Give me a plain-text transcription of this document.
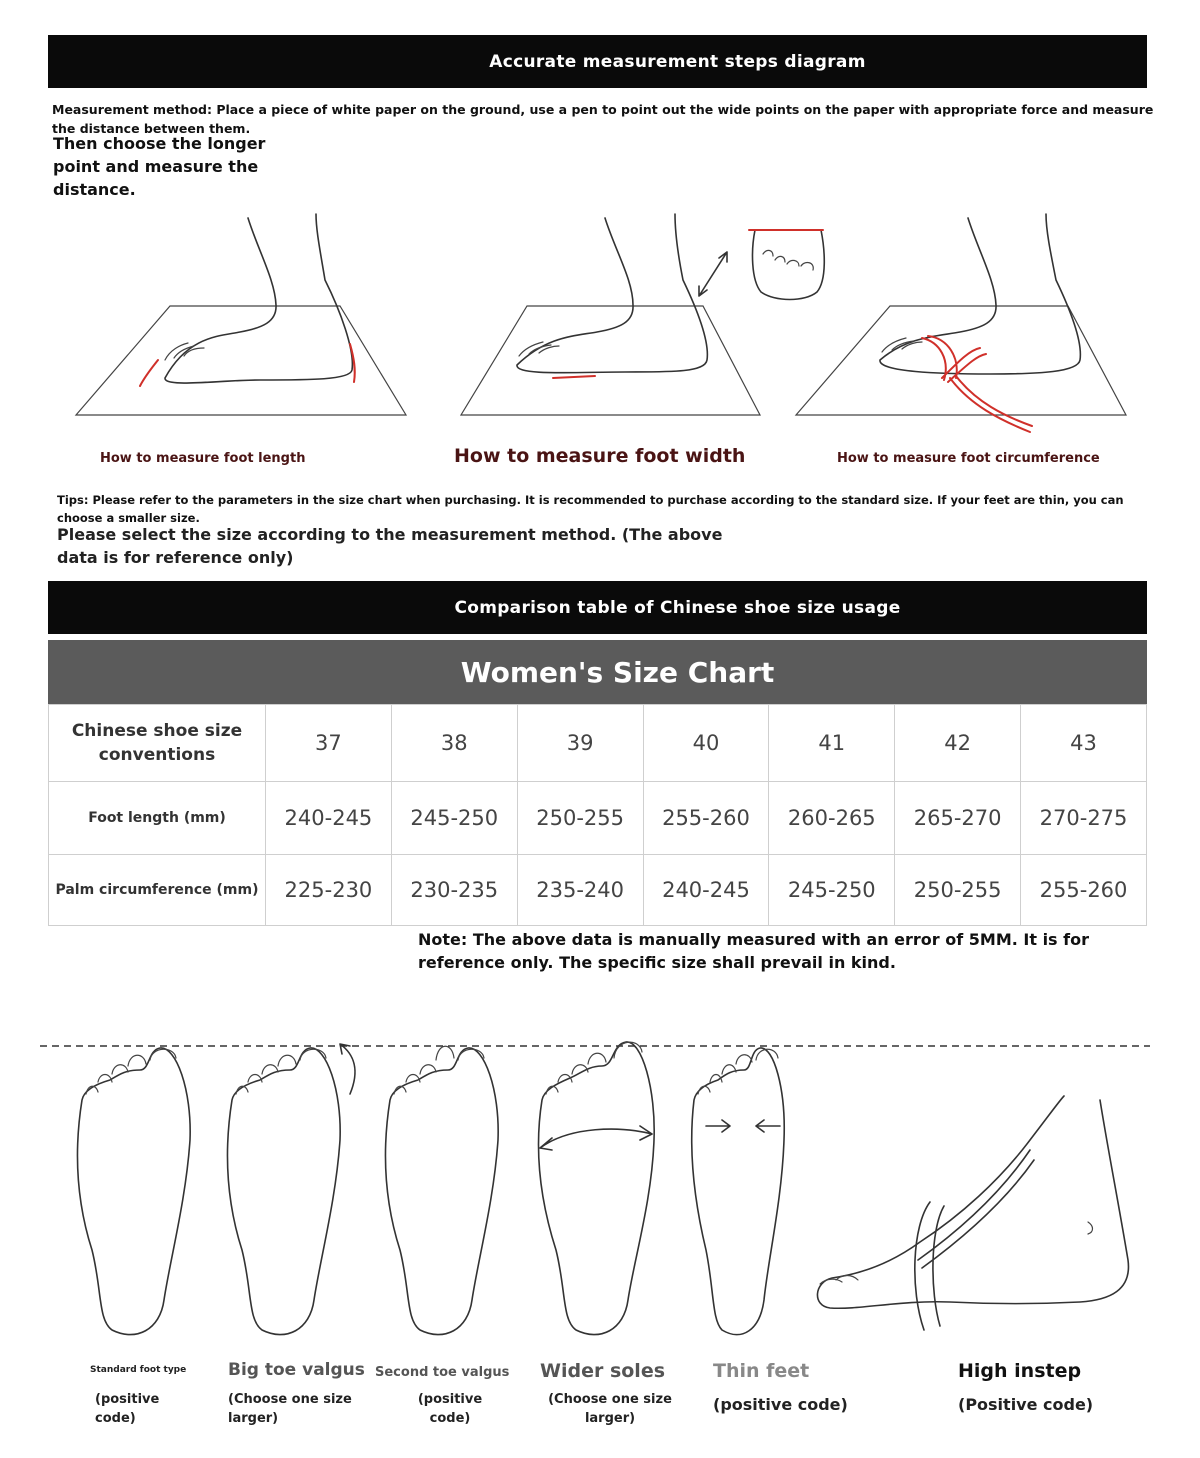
Accurate measurement steps diagram
Measurement method: Place a piece of white paper on the ground, use a pen to point out the wide points on the paper with appropriate force and measure the distance between them.
Then choose the longer point and measure the distance.
How to measure foot length	How to measure foot width	How to measure foot circumference
Tips: Please refer to the parameters in the size chart when purchasing. It is recommended to purchase according to the standard size. If your feet are thin, you can choose a smaller size.
Please select the size according to the measurement method. (The above data is for reference only)
Comparison table of Chinese shoe size usage
Women's Size Chart
Chinese shoe size conventions	37	38	39	40	41	42	43
Foot length (mm)	240-245	245-250	250-255	255-260	260-265	265-270	270-275
Palm circumference (mm)	225-230	230-235	235-240	240-245	245-250	250-255	255-260
Note: The above data is manually measured with an error of 5MM. It is for reference only. The specific size shall prevail in kind.
Standard foot type
(positive code)
Big toe valgus
(Choose one size larger)
Second toe valgus
(positive code)
Wider soles
(Choose one size larger)
Thin feet
(positive code)
High instep
(Positive code)
